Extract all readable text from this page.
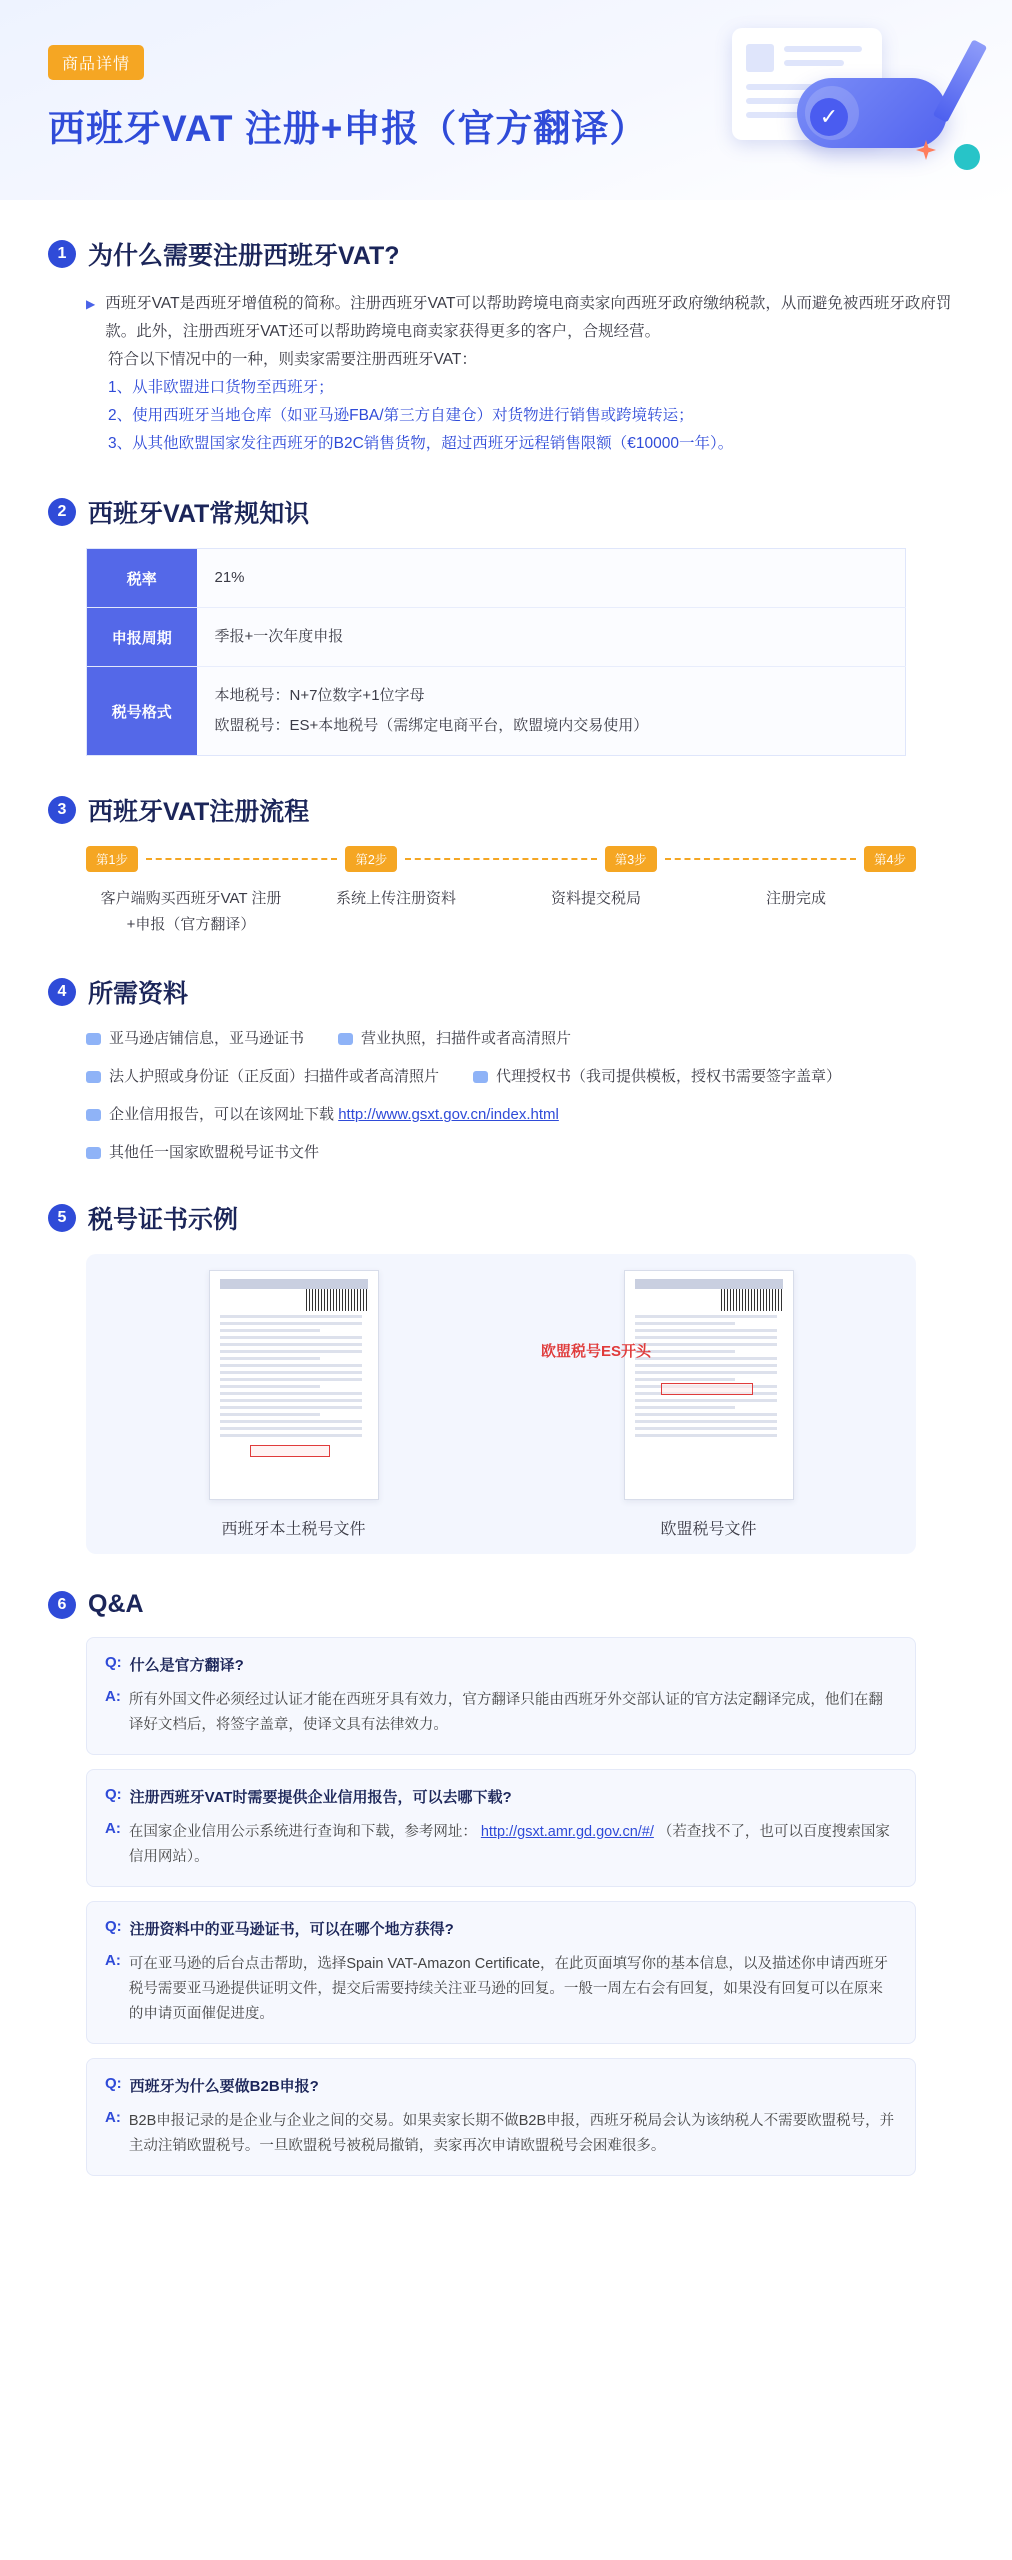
商品详情
西班牙VAT 注册+申报（官方翻译）	✓
1 为什么需要注册西班牙VAT?
▶ 西班牙VAT是西班牙增值税的简称。注册西班牙VAT可以帮助跨境电商卖家向西班牙政府缴纳税款，从而避免被西班牙政府罚款。此外，注册西班牙VAT还可以帮助跨境电商卖家获得更多的客户，合规经营。
符合以下情况中的一种，则卖家需要注册西班牙VAT：
1、从非欧盟进口货物至西班牙；
2、使用西班牙当地仓库（如亚马逊FBA/第三方自建仓）对货物进行销售或跨境转运；
3、从其他欧盟国家发往西班牙的B2C销售货物，超过西班牙远程销售限额（€10000一年）。
2 西班牙VAT常规知识
税率	21%

申报周期	季报+一次年度申报

税号格式	本地税号：N+7位数字+1位字母
欧盟税号：ES+本地税号（需绑定电商平台，欧盟境内交易使用）
3 西班牙VAT注册流程
第1步	第2步	第3步	第4步
客户端购买西班牙VAT 注册
+申报（官方翻译）
系统上传注册资料	资料提交税局	注册完成
4 所需资料
亚马逊店铺信息，亚马逊证书	营业执照，扫描件或者高清照片
法人护照或身份证（正反面）扫描件或者高清照片	代理授权书（我司提供模板，授权书需要签字盖章）
企业信用报告，可以在该网址下载 http://www.gsxt.gov.cn/index.html
其他任一国家欧盟税号证书文件
5 税号证书示例
西班牙本土税号文件	欧盟税号文件
欧盟税号ES开头
6 Q&A
Q: 什么是官方翻译?
A: 所有外国文件必须经过认证才能在西班牙具有效力，官方翻译只能由西班牙外交部认证的官方法定翻译完成，他们在翻译好文档后，将签字盖章，使译文具有法律效力。
Q: 注册西班牙VAT时需要提供企业信用报告，可以去哪下载?
A: 在国家企业信用公示系统进行查询和下载，参考网址： http://gsxt.amr.gd.gov.cn/#/ （若查找不了，也可以百度搜索国家信用网站）。
Q: 注册资料中的亚马逊证书，可以在哪个地方获得?
A: 可在亚马逊的后台点击帮助，选择Spain VAT-Amazon Certificate，在此页面填写你的基本信息，以及描述你申请西班牙税号需要亚马逊提供证明文件，提交后需要持续关注亚马逊的回复。一般一周左右会有回复，如果没有回复可以在原来的申请页面催促进度。
Q: 西班牙为什么要做B2B申报?
A: B2B申报记录的是企业与企业之间的交易。如果卖家长期不做B2B申报，西班牙税局会认为该纳税人不需要欧盟税号，并主动注销欧盟税号。一旦欧盟税号被税局撤销，卖家再次申请欧盟税号会困难很多。
